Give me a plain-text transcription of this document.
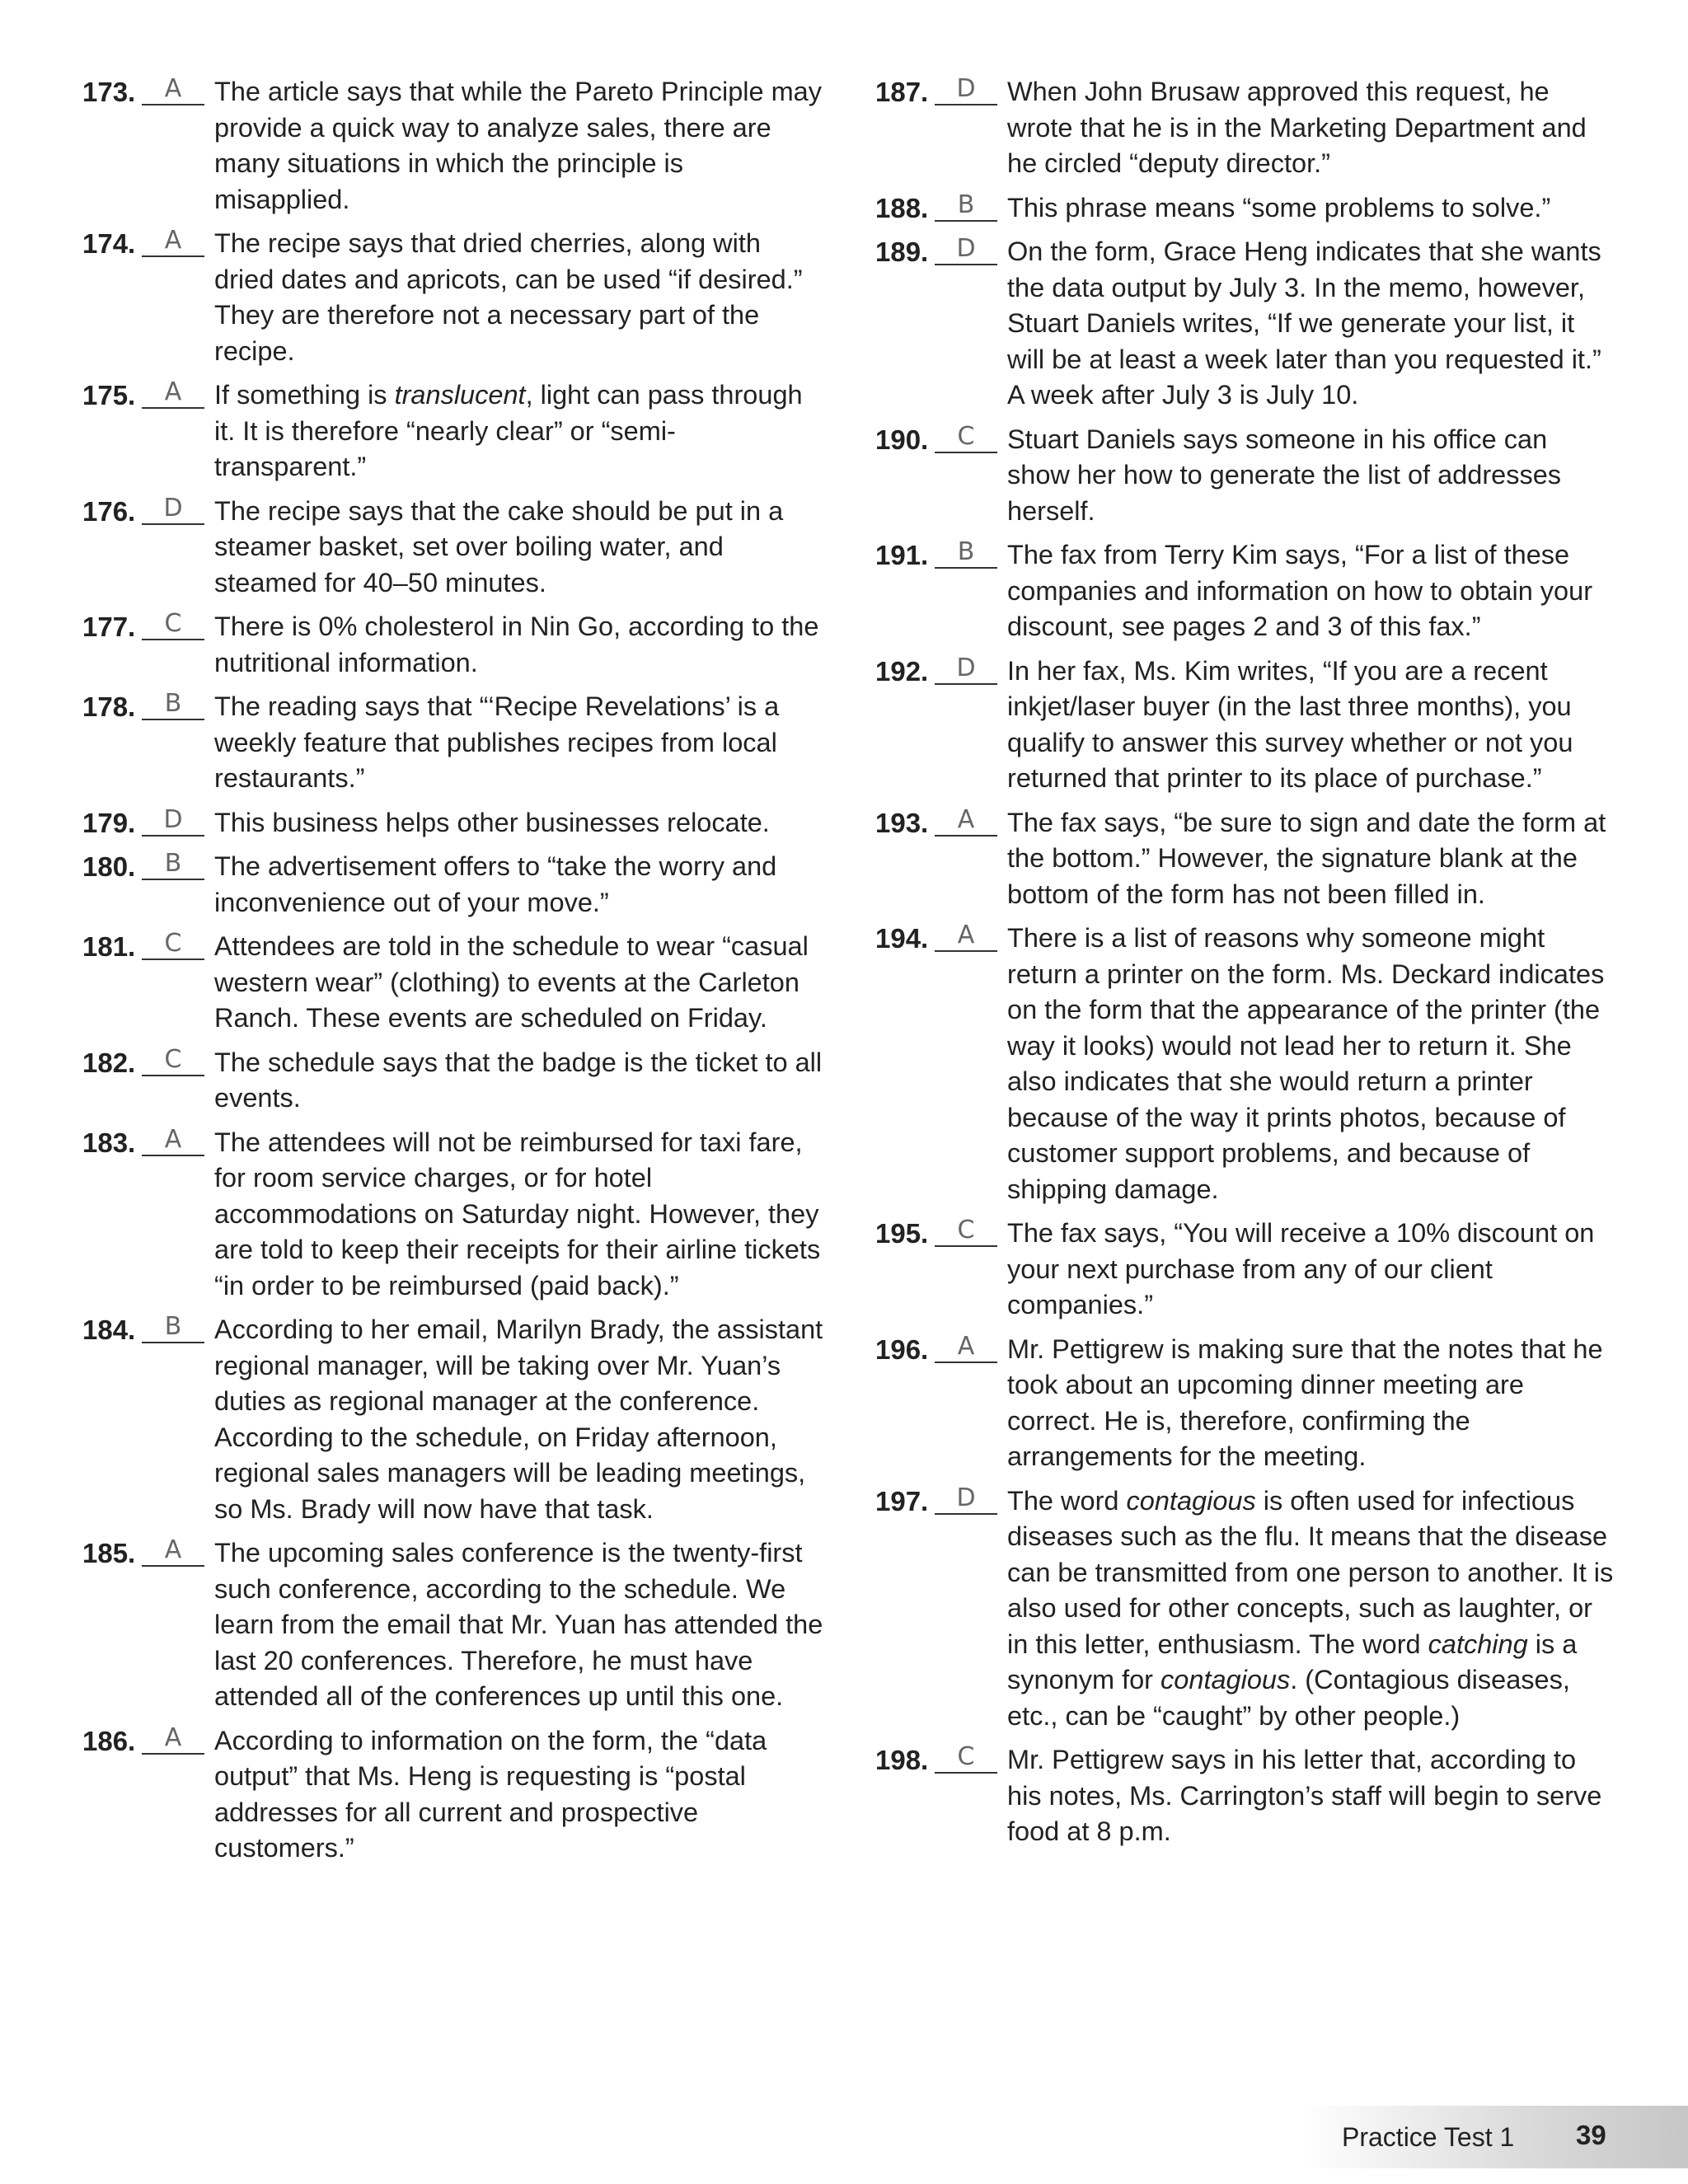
173.	A	The article says that while the Pareto Principle may provide a quick way to analyze sales, there are many situations in which the principle is misapplied.
174.	A	The recipe says that dried cherries, along with dried dates and apricots, can be used “if desired.” They are therefore not a necessary part of the recipe.
175.	A	If something is translucent, light can pass through it. It is therefore “nearly clear” or “semi-transparent.”
176.	D	The recipe says that the cake should be put in a steamer basket, set over boiling water, and steamed for 40–50 minutes.
177.	C	There is 0% cholesterol in Nin Go, according to the nutritional information.
178.	B	The reading says that “‘Recipe Revelations’ is a weekly feature that publishes recipes from local restaurants.”
179.	D	This business helps other businesses relocate.
180.	B	The advertisement offers to “take the worry and inconvenience out of your move.”
181.	C	Attendees are told in the schedule to wear “casual western wear” (clothing) to events at the Carleton Ranch. These events are scheduled on Friday.
182.	C	The schedule says that the badge is the ticket to all events.
183.	A	The attendees will not be reimbursed for taxi fare, for room service charges, or for hotel accommodations on Saturday night. However, they are told to keep their receipts for their airline tickets “in order to be reimbursed (paid back).”
184.	B	According to her email, Marilyn Brady, the assistant regional manager, will be taking over Mr. Yuan’s duties as regional manager at the conference. According to the schedule, on Friday afternoon, regional sales managers will be leading meetings, so Ms. Brady will now have that task.
185.	A	The upcoming sales conference is the twenty-first such conference, according to the schedule. We learn from the email that Mr. Yuan has attended the last 20 conferences. Therefore, he must have attended all of the conferences up until this one.
186.	A	According to information on the form, the “data output” that Ms. Heng is requesting is “postal addresses for all current and prospective customers.”
187.	D	When John Brusaw approved this request, he wrote that he is in the Marketing Department and he circled “deputy director.”
188.	B	This phrase means “some problems to solve.”
189.	D	On the form, Grace Heng indicates that she wants the data output by July 3. In the memo, however, Stuart Daniels writes, “If we generate your list, it will be at least a week later than you requested it.” A week after July 3 is July 10.
190.	C	Stuart Daniels says someone in his office can show her how to generate the list of addresses herself.
191.	B	The fax from Terry Kim says, “For a list of these companies and information on how to obtain your discount, see pages 2 and 3 of this fax.”
192.	D	In her fax, Ms. Kim writes, “If you are a recent inkjet/laser buyer (in the last three months), you qualify to answer this survey whether or not you returned that printer to its place of purchase.”
193.	A	The fax says, “be sure to sign and date the form at the bottom.” However, the signature blank at the bottom of the form has not been filled in.
194.	A	There is a list of reasons why someone might return a printer on the form. Ms. Deckard indicates on the form that the appearance of the printer (the way it looks) would not lead her to return it. She also indicates that she would return a printer because of the way it prints photos, because of customer support problems, and because of shipping damage.
195.	C	The fax says, “You will receive a 10% discount on your next purchase from any of our client companies.”
196.	A	Mr. Pettigrew is making sure that the notes that he took about an upcoming dinner meeting are correct. He is, therefore, confirming the arrangements for the meeting.
197.	D	The word contagious is often used for infectious diseases such as the flu. It means that the disease can be transmitted from one person to another. It is also used for other concepts, such as laughter, or in this letter, enthusiasm. The word catching is a synonym for contagious. (Contagious diseases, etc., can be “caught” by other people.)
198.	C	Mr. Pettigrew says in his letter that, according to his notes, Ms. Carrington’s staff will begin to serve food at 8 p.m.
Practice Test 1 39
